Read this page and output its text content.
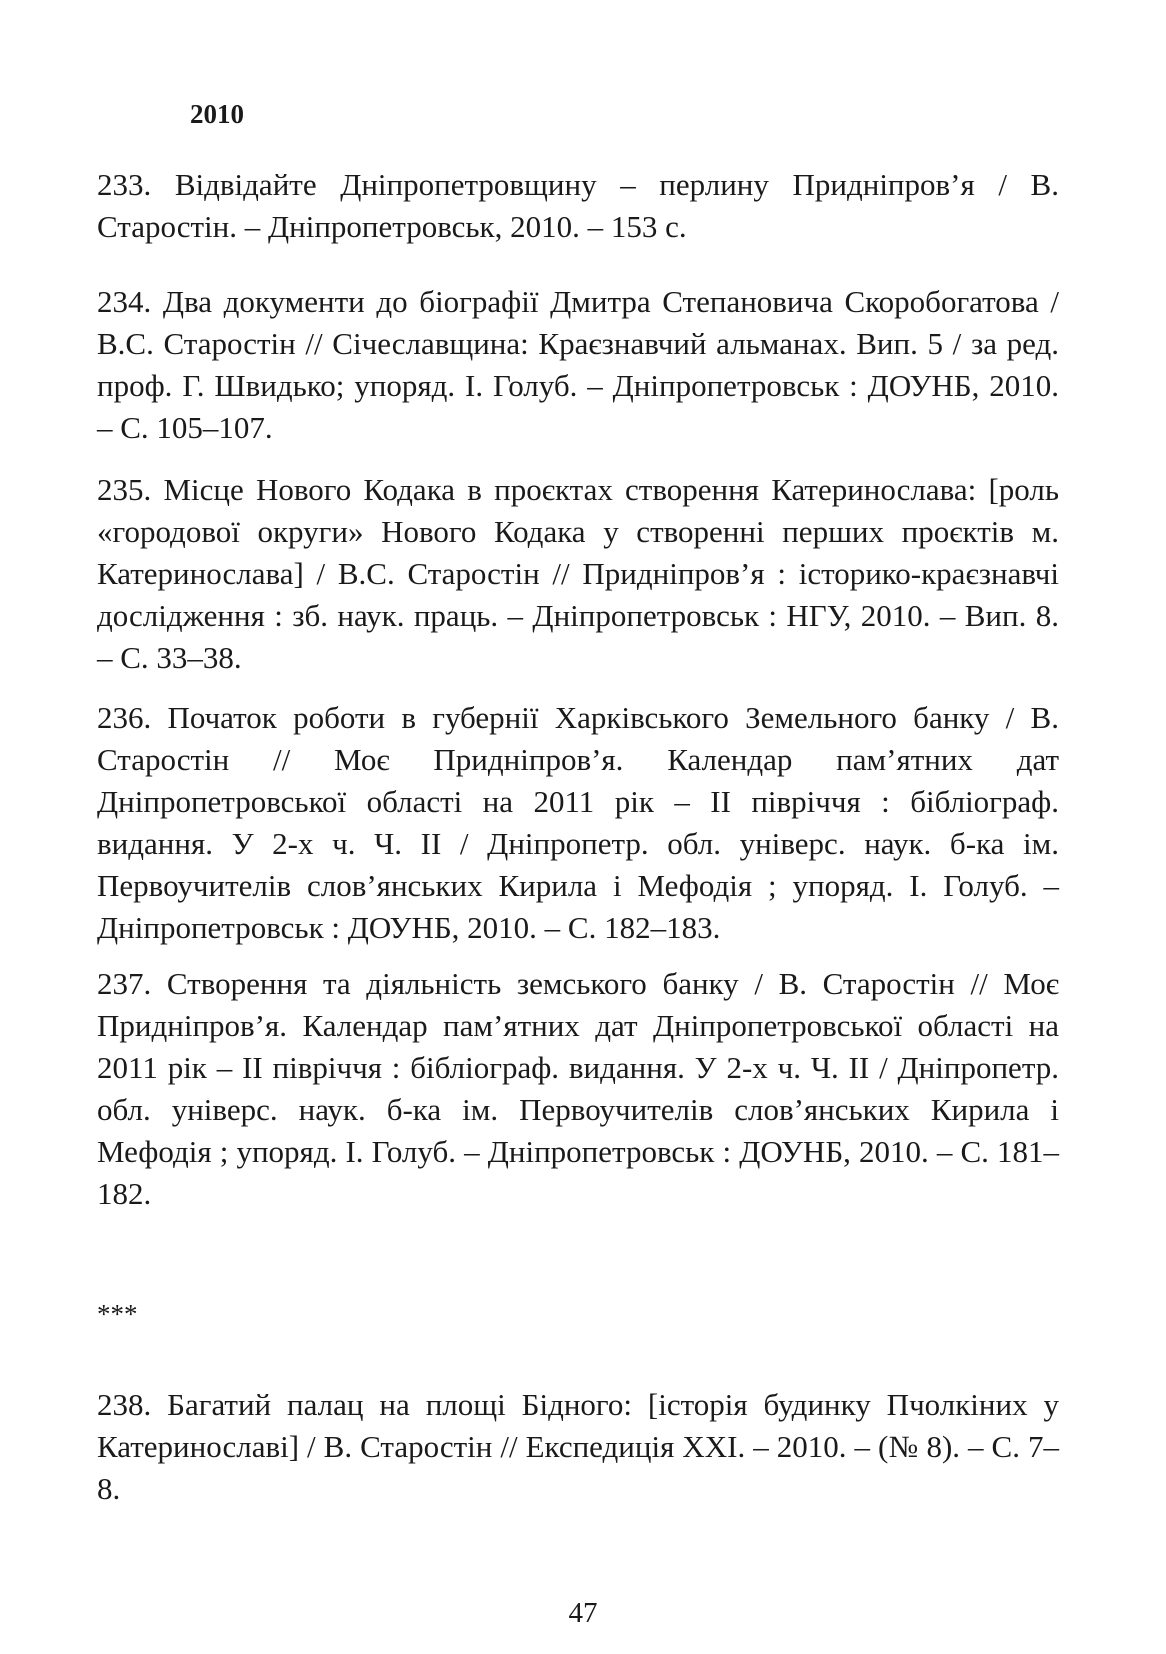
2010

233. Відвідайте Дніпропетровщину – перлину Придніпров’я / В. Старостін. – Дніпропетровськ, 2010. – 153 с.

234. Два документи до біографії Дмитра Степановича Скоробогатова / В.С. Старостін // Січеславщина: Краєзнавчий альманах. Вип. 5 / за ред. проф. Г. Швидько; упоряд. І. Голуб. – Дніпропетровськ : ДОУНБ, 2010. – С. 105–107.

235. Місце Нового Кодака в проєктах створення Катеринослава: [роль «городової округи» Нового Кодака у створенні перших проєктів м. Катеринослава] / В.С. Старостін // Придніпров’я : історико-краєзнавчі дослідження : зб. наук. праць. – Дніпропетровськ : НГУ, 2010. – Вип. 8. – С. 33–38.

236. Початок роботи в губернії Харківського Земельного банку / В. Старостін // Моє Придніпров’я. Календар пам’ятних дат Дніпропетровської області на 2011 рік – ІІ півріччя : бібліограф. видання. У 2-х ч. Ч. ІІ / Дніпропетр. обл. універс. наук. б-ка ім. Первоучителів слов’янських Кирила і Мефодія ; упоряд. І. Голуб. – Дніпропетровськ : ДОУНБ, 2010. – С. 182–183.

237. Створення та діяльність земського банку / В. Старостін // Моє Придніпров’я. Календар пам’ятних дат Дніпропетровської області на 2011 рік – ІІ півріччя : бібліограф. видання. У 2-х ч. Ч. ІІ / Дніпропетр. обл. універс. наук. б-ка ім. Первоучителів слов’янських Кирила і Мефодія ; упоряд. І. Голуб. – Дніпропетровськ : ДОУНБ, 2010. – С. 181–182.

***

238. Багатий палац на площі Бідного: [історія будинку Пчолкіних у Катеринославі] / В. Старостін // Експедиція ХХІ. – 2010. – (№ 8). – С. 7–8.

47
